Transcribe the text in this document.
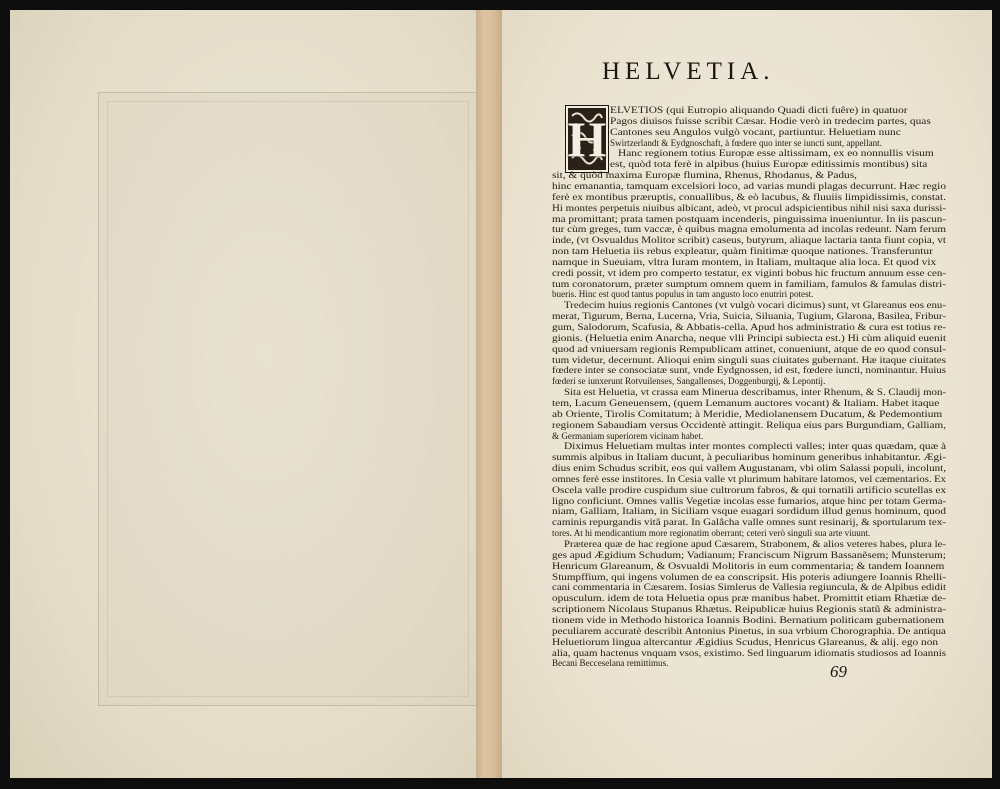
HELVETIA.
H
ELVETIOS (qui Eutropio aliquando Quadi dicti fuêre) in quatuor
Pagos diuisos fuisse scribit Cæsar. Hodie verò in tredecim partes, quas
Cantones seu Angulos vulgò vocant, partiuntur. Heluetiam nunc
Swirtzerlandt & Eydgnoschaft, à fœdere quo inter se iuncti sunt, appellant.
Hanc regionem totius Europæ esse altissimam, ex eo nonnullis visum
est, quòd tota ferè in alpibus (huius Europæ editissimis montibus) sita
sit, & quòd maxima Europæ flumina, Rhenus, Rhodanus, & Padus,
hinc emanantia, tamquam excelsiori loco, ad varias mundi plagas decurrunt. Hæc regio
ferè ex montibus præruptis, conuallibus, & eò lacubus, & fluuiis limpidissimis, constat.
Hi montes perpetuis niuibus albicant, adeò, vt procul adspicientibus nihil nisi saxa durissi-
ma promittant; prata tamen postquam incenderis, pinguissima inueniuntur. In iis pascun-
tur cùm greges, tum vaccæ, è quibus magna emolumenta ad incolas redeunt. Nam ferum
inde, (vt Osvualdus Molitor scribit) caseus, butyrum, aliaque lactaria tanta fiunt copia, vt
non tam Heluetia iis rebus expleatur, quàm finitimæ quoque nationes. Transferuntur
namque in Sueuiam, vltra Iuram montem, in Italiam, multaque alia loca. Et quod vix
credi possit, vt idem pro comperto testatur, ex viginti bobus hic fructum annuum esse cen-
tum coronatorum, præter sumptum omnem quem in familiam, famulos & famulas distri-
bueris. Hinc est quod tantus populus in tam angusto loco enutriri potest.
Tredecim huius regionis Cantones (vt vulgò vocari dicimus) sunt, vt Glareanus eos enu-
merat, Tigurum, Berna, Lucerna, Vria, Suicia, Siluania, Tugium, Glarona, Basilea, Fribur-
gum, Salodorum, Scafusia, & Abbatis-cella. Apud hos administratio & cura est totius re-
gionis. (Heluetia enim Anarcha, neque vlli Principi subiecta est.) Hi cùm aliquid euenit
quod ad vniuersam regionis Rempublicam attinet, conueniunt, atque de eo quod consul-
tum videtur, decernunt. Alioqui enim singuli suas ciuitates gubernant. Hæ itaque ciuitates
fœdere inter se consociatæ sunt, vnde Eydgnossen, id est, fœdere iuncti, nominantur. Huius
fœderi se iunxerunt Rotvuilenses, Sangallenses, Doggenburgij, & Lepontij.
Sita est Heluetia, vt crassa eam Minerua describamus, inter Rhenum, & S. Claudij mon-
tem, Lacum Geneuensem, (quem Lemanum auctores vocant) & Italiam. Habet itaque
ab Oriente, Tirolis Comitatum; à Meridie, Mediolanensem Ducatum, & Pedemontium
regionem Sabaudiam versus Occidentè attingit. Reliqua eius pars Burgundiam, Galliam,
& Germaniam superiorem vicinam habet.
Diximus Heluetiam multas inter montes complecti valles; inter quas quædam, quæ à
summis alpibus in Italiam ducunt, à peculiaribus hominum generibus inhabitantur. Ægi-
dius enim Schudus scribit, eos qui vallem Augustanam, vbi olim Salassi populi, incolunt,
omnes ferè esse institores. In Cesia valle vt plurimum habitare latomos, vel cæmentarios. Ex
Oscela valle prodire cuspidum siue cultrorum fabros, & qui tornatili artificio scutellas ex
ligno conficiunt. Omnes vallis Vegetiæ incolas esse fumarios, atque hinc per totam Germa-
niam, Galliam, Italiam, in Siciliam vsque euagari sordidum illud genus hominum, quod
caminis repurgandis vitã parat. In Galâcha valle omnes sunt resinarij, & sportularum tex-
tores. At hi mendicantium more regionatim oberrant; ceteri verò singuli sua arte viuunt.
Præterea quæ de hac regione apud Cæsarem, Strabonem, & alios veteres habes, plura le-
ges apud Ægidium Schudum; Vadianum; Franciscum Nigrum Bassanẽsem; Munsterum;
Henricum Glareanum, & Osvualdi Molitoris in eum commentaria; & tandem Ioannem
Stumpffium, qui ingens volumen de ea conscripsit. His poteris adiungere Ioannis Rhelli-
cani commentaria in Cæsarem. Iosias Simlerus de Vallesia regiuncula, & de Alpibus edidit
opusculum. idem de tota Heluetia opus præ manibus habet. Promittit etiam Rhætiæ de-
scriptionem Nicolaus Stupanus Rhætus. Reipublicæ huius Regionis statũ & administra-
tionem vide in Methodo historica Ioannis Bodini. Bernatium politicam gubernationem
peculiarem accuratè describit Antonius Pinetus, in sua vrbium Chorographia. De antiqua
Heluetiorum lingua altercantur Ægidius Scudus, Henricus Glareanus, & alij. ego non
alia, quam hactenus vnquam vsos, existimo. Sed linguarum idiomatis studiosos ad Ioannis
Becani Becceselana remittimus.	69
